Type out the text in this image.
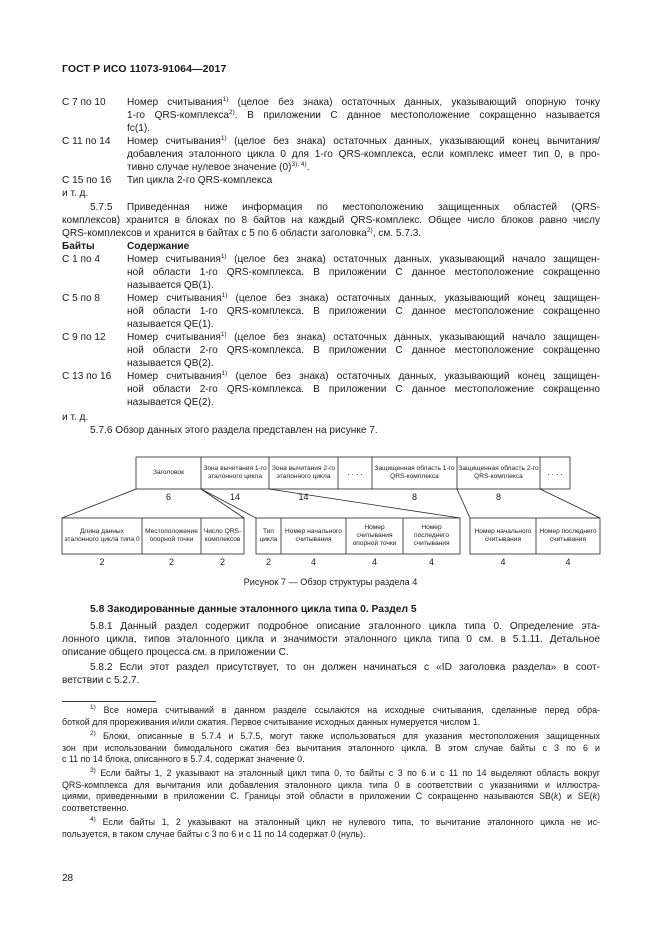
ГОСТ Р ИСО 11073-91064—2017
С 7 по 10	Номер считывания$^{1)}$ (целое без знака) остаточных данных, указывающий опорную точку
1-го QRS-комплекса$^{2)}$. В приложении С данное местоположение сокращенно называется
fc(1).
С 11 по 14	Номер считывания$^{1)}$ (целое без знака) остаточных данных, указывающий конец вычитания/
добавления эталонного цикла 0 для 1-го QRS-комплекса, если комплекс имеет тип 0, в про-
тивно случае нулевое значение $(0)^{3), 4)}$.
С 15 по 16	Тип цикла 2-го QRS-комплекса
и т. д.
5.7.5 Приведенная ниже информация по местоположению защищенных областей (QRS-
комплексов) хранится в блоках по 8 байтов на каждый QRS-комплекс. Общее число блоков равно числу
QRS-комплексов и хранится в байтах с 5 по 6 области заголовка$^{2)}$, см. 5.7.3.
Байты	Содержание
С 1 по 4	Номер считывания$^{1)}$ (целое без знака) остаточных данных, указывающий начало защищен-
ной области 1-го QRS-комплекса. В приложении С данное местоположение сокращенно
называется QB(1).
С 5 по 8	Номер считывания$^{1)}$ (целое без знака) остаточных данных, указывающий конец защищен-
ной области 1-го QRS-комплекса. В приложении С данное местоположение сокращенно
называется QE(1).
С 9 по 12	Номер считывания$^{1)}$ (целое без знака) остаточных данных, указывающий начало защищен-
ной области 2-го QRS-комплекса. В приложении С данное местоположение сокращенно
называется QB(2).
С 13 по 16	Номер считывания$^{1)}$ (целое без знака) остаточных данных, указывающий конец защищен-
ной области 2-го QRS-комплекса. В приложении С данное местоположение сокращенно
называется QE(2).
и т. д.
5.7.6 Обзор данных этого раздела представлен на рисунке 7.
Заголовок
Зона вычитания 1-го эталонного цикла
Зона вычитания 2-го эталонного цикла	. . . .	Защищенная область 1-го QRS-комплекса
Защищенная область 2-го QRS-комплекса	. . . .
6	14	14	8	8
Длина данных эталонного цикла типа 0
Местоположение опорной точки
Число QRS-комплексов
Тип цикла
Номер начального считывания
Номер считывания опорной точки
Номер последнего считывания
Номер начального считывания
Номер последнего считывания
2	2	2	2	4	4	4	4	4
Рисунок 7 — Обзор структуры раздела 4
5.8 Закодированные данные эталонного цикла типа 0. Раздел 5
5.8.1 Данный раздел содержит подробное описание эталонного цикла типа 0. Определение эта-
лонного цикла, типов эталонного цикла и значимости эталонного цикла типа 0 см. в 5.1.11. Детальное
описание общего процесса см. в приложении С.
5.8.2 Если этот раздел присутствует, то он должен начинаться с «ID заголовка раздела» в соот-
ветствии с 5.2.7.
$^{1)}$ Все номера считываний в данном разделе ссылаются на исходные считывания, сделанные перед обра-
боткой для прореживания и/или сжатия. Первое считывание исходных данных нумеруется числом 1.
$^{2)}$ Блоки, описанные в 5.7.4 и 5.7.5, могут также использоваться для указания местоположения защищенных
зон при использовании бимодального сжатия без вычитания эталонного цикла. В этом случае байты с 3 по 6 и
с 11 по 14 блока, описанного в 5.7.4, содержат значение 0.
$^{3)}$ Если байты 1, 2 указывают на эталонный цикл типа 0, то байты с 3 по 6 и с 11 по 14 выделяют область вокруг
QRS-комплекса для вычитания или добавления эталонного цикла типа 0 в соответствии с указаниями и иллюстра-
циями, приведенными в приложении С. Границы этой области в приложении С сокращенно называются SB(k) и SE(k)
соответственно.
$^{4)}$ Если байты 1, 2 указывают на эталонный цикл не нулевого типа, то вычитание эталонного цикла не ис-
пользуется, в таком случае байты с 3 по 6 и с 11 по 14 содержат 0 (нуль).
28
